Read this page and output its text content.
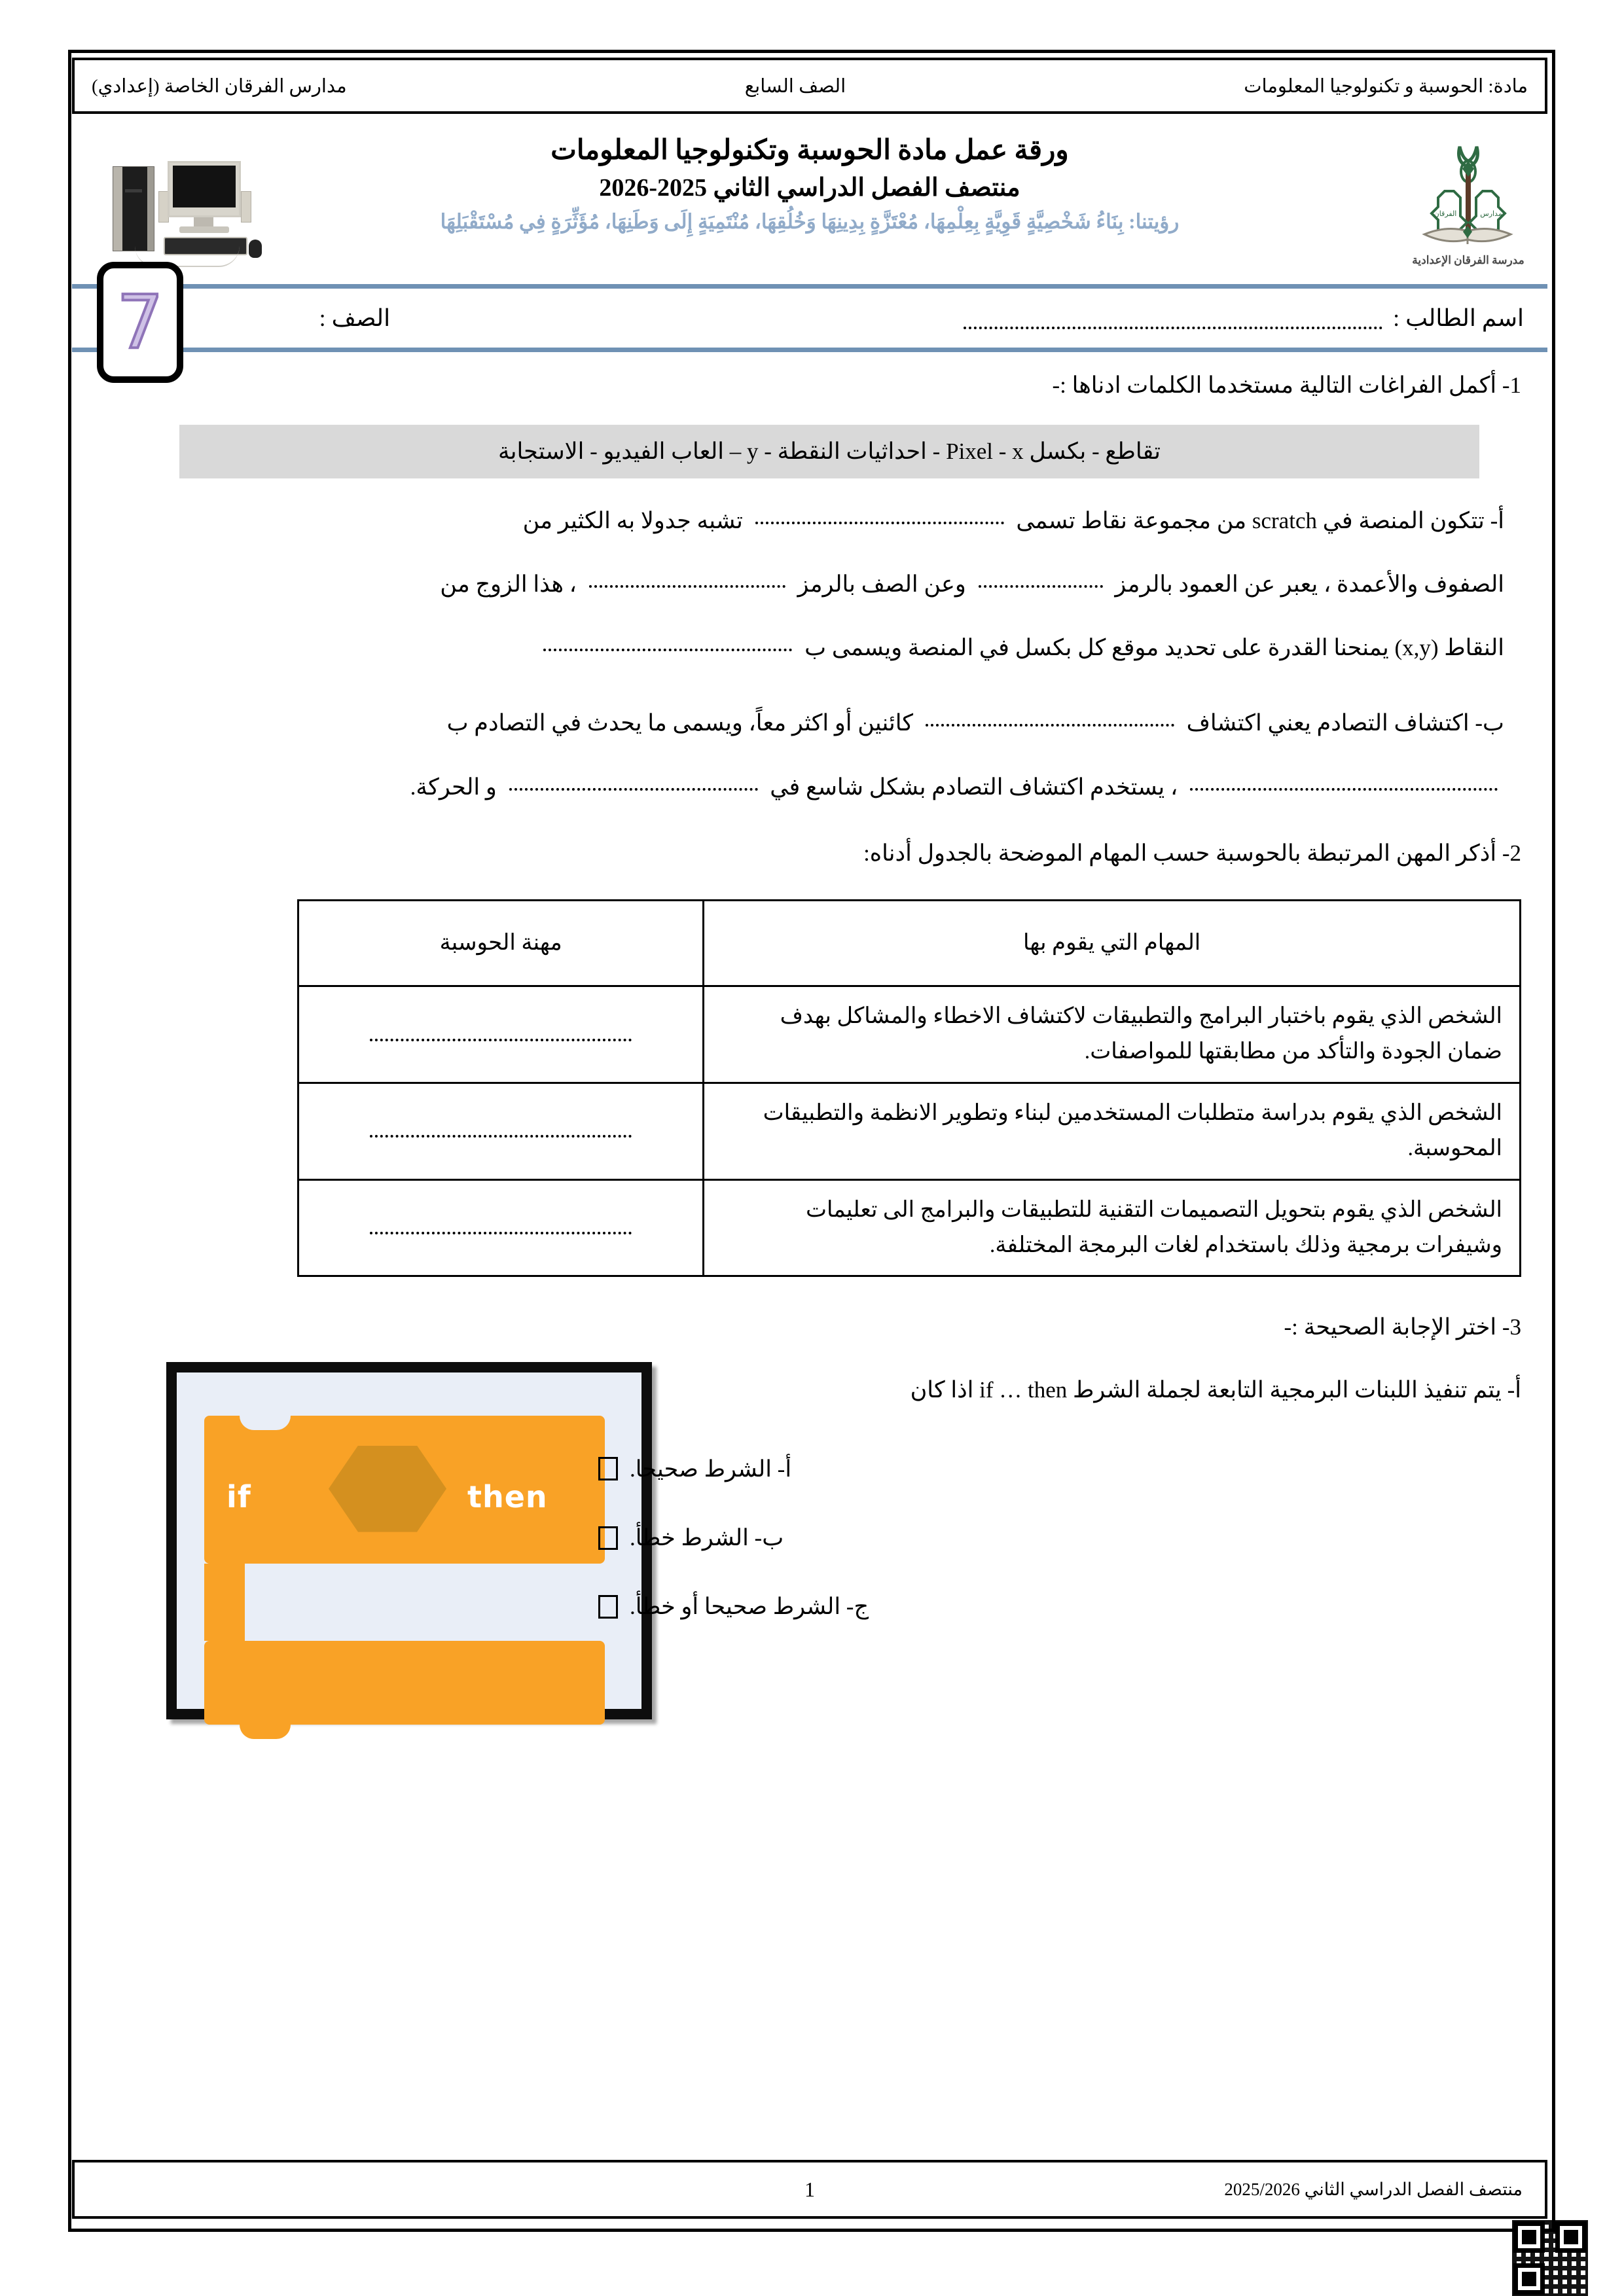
مادة: الحوسبة و تكنولوجيا المعلومات
الصف السابع
مدارس الفرقان الخاصة (إعدادي)
ورقة عمل مادة الحوسبة وتكنولوجيا المعلومات
منتصف الفصل الدراسي الثاني 2025-2026
رؤيتنا: بِنَاءُ شَخْصِيَّةٍ قَوِيَّةٍ بِعِلْمِهَا، مُعْتَزَّةٍ بِدِينِهَا وَخُلُقِهَا، مُنْتَمِيَةٍ إِلَى وَطَنِهَا، مُؤَثِّرَةٍ فِي مُسْتَقْبَلِهَا	مدارس
الفرقان
مدرسة الفرقان الإعدادية
اسم الطالب :
الصف :
7
1- أكمل الفراغات التالية مستخدما الكلمات ادناها :-
تقاطع - بكسل Pixel - x - احداثيات النقطة - y – العاب الفيديو - الاستجابة
أ- تتكون المنصة في scratch من مجموعة نقاط تسمى  تشبه جدولا به الكثير من
الصفوف والأعمدة ، يعبر عن العمود بالرمز  وعن الصف بالرمز  ، هذا الزوج من
النقاط (x,y) يمنحنا القدرة على تحديد موقع كل بكسل في المنصة ويسمى ب
ب- اكتشاف التصادم يعني اكتشاف  كائنين أو اكثر معاً، ويسمى ما يحدث في التصادم ب
، يستخدم اكتشاف التصادم بشكل شاسع في  و الحركة.
2- أذكر المهن المرتبطة بالحوسبة حسب المهام الموضحة بالجدول أدناه:
المهام التي يقوم بها	مهنة الحوسبة
الشخص الذي يقوم باختبار البرامج والتطبيقات لاكتشاف الاخطاء والمشاكل بهدف ضمان الجودة والتأكد من مطابقتها للمواصفات.	
الشخص الذي يقوم بدراسة متطلبات المستخدمين لبناء وتطوير الانظمة والتطبيقات المحوسبة.	
الشخص الذي يقوم بتحويل التصميمات التقنية للتطبيقات والبرامج الى تعليمات وشيفرات برمجية وذلك باستخدام لغات البرمجة المختلفة.	
3- اختر الإجابة الصحيحة :-
if	then
أ- يتم تنفيذ اللبنات البرمجية التابعة لجملة الشرط if … then اذا كان
أ- الشرط صحيحا.
ب- الشرط خطأ.
ج- الشرط صحيحا أو خطأ.
منتصف الفصل الدراسي الثاني 2025/2026
1
